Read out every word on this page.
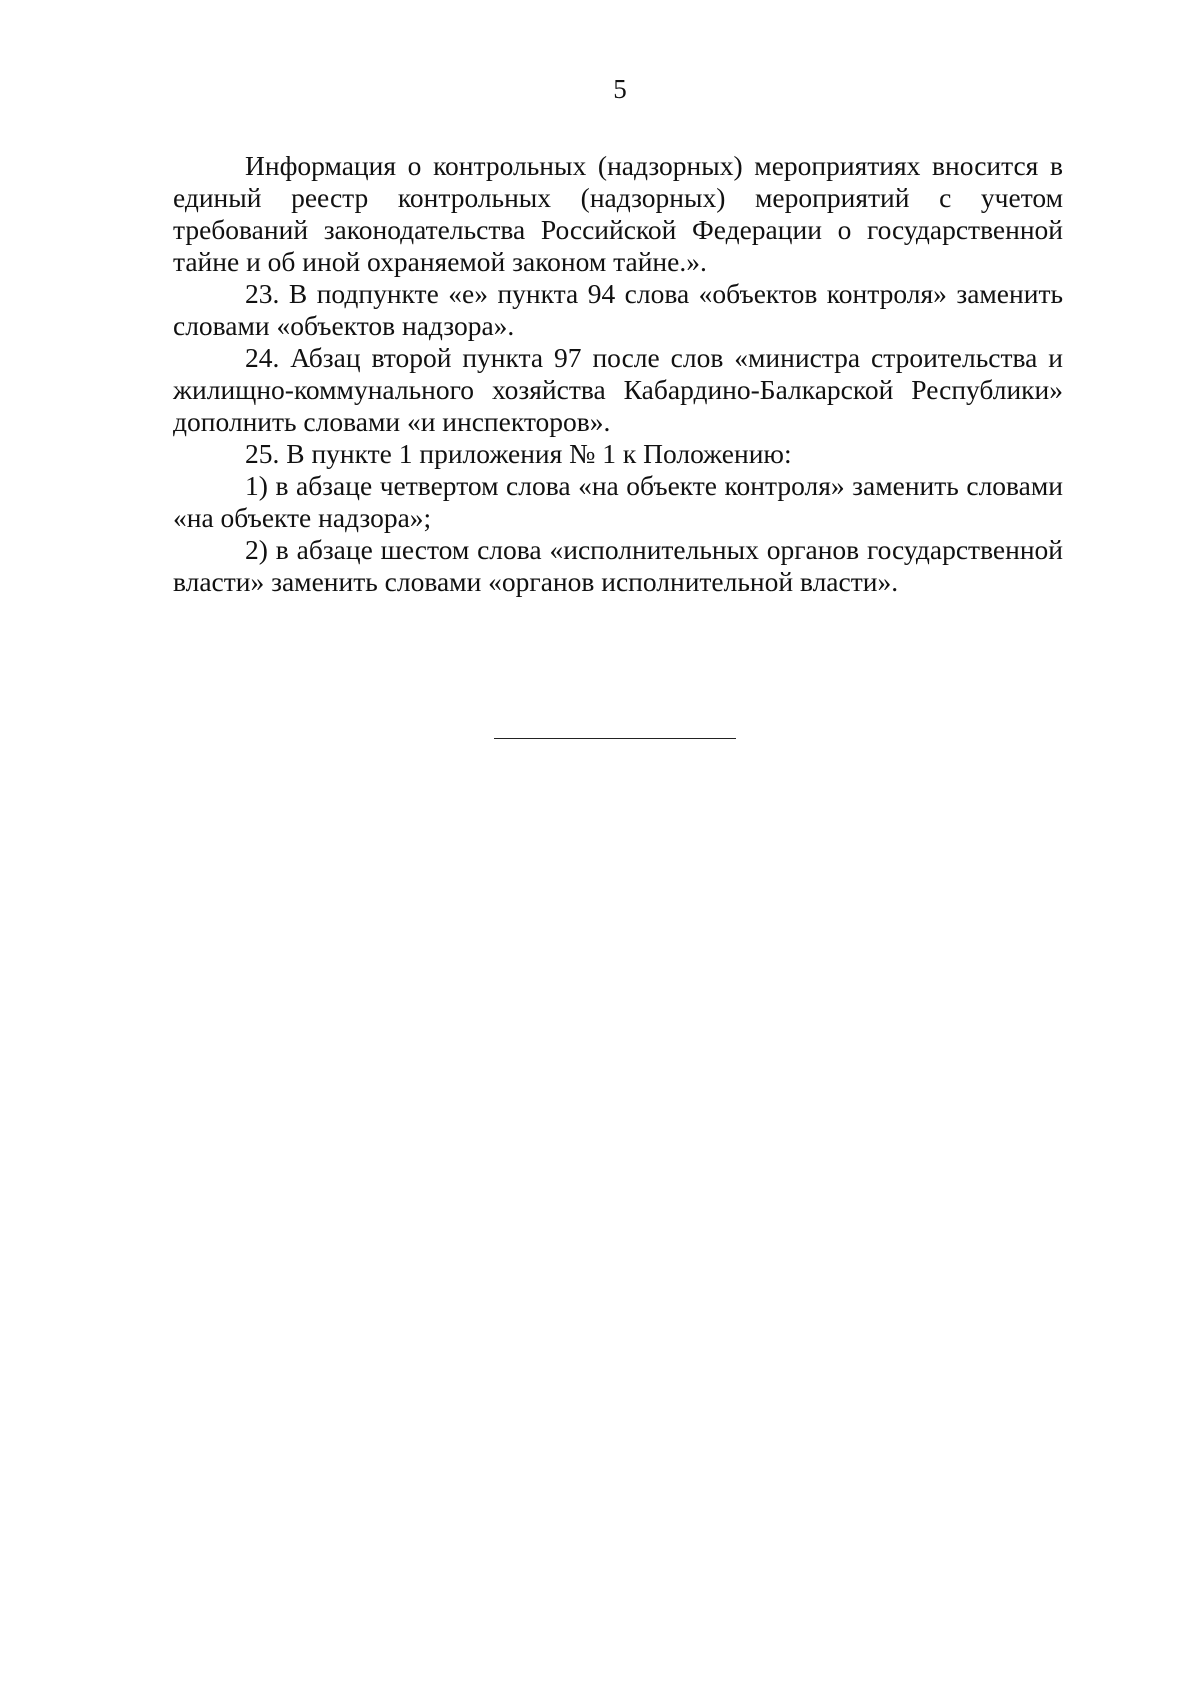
5

Информация о контрольных (надзорных) мероприятиях вносится в единый реестр контрольных (надзорных) мероприятий с учетом требований законодательства Российской Федерации о государственной тайне и об иной охраняемой законом тайне.».

23. В подпункте «е» пункта 94 слова «объектов контроля» заменить словами «объектов надзора».

24. Абзац второй пункта 97 после слов «министра строительства и жилищно-коммунального хозяйства Кабардино-Балкарской Республики» дополнить словами «и инспекторов».

25. В пункте 1 приложения № 1 к Положению:

1) в абзаце четвертом слова «на объекте контроля» заменить словами «на объекте надзора»;

2) в абзаце шестом слова «исполнительных органов государственной власти» заменить словами «органов исполнительной власти».
